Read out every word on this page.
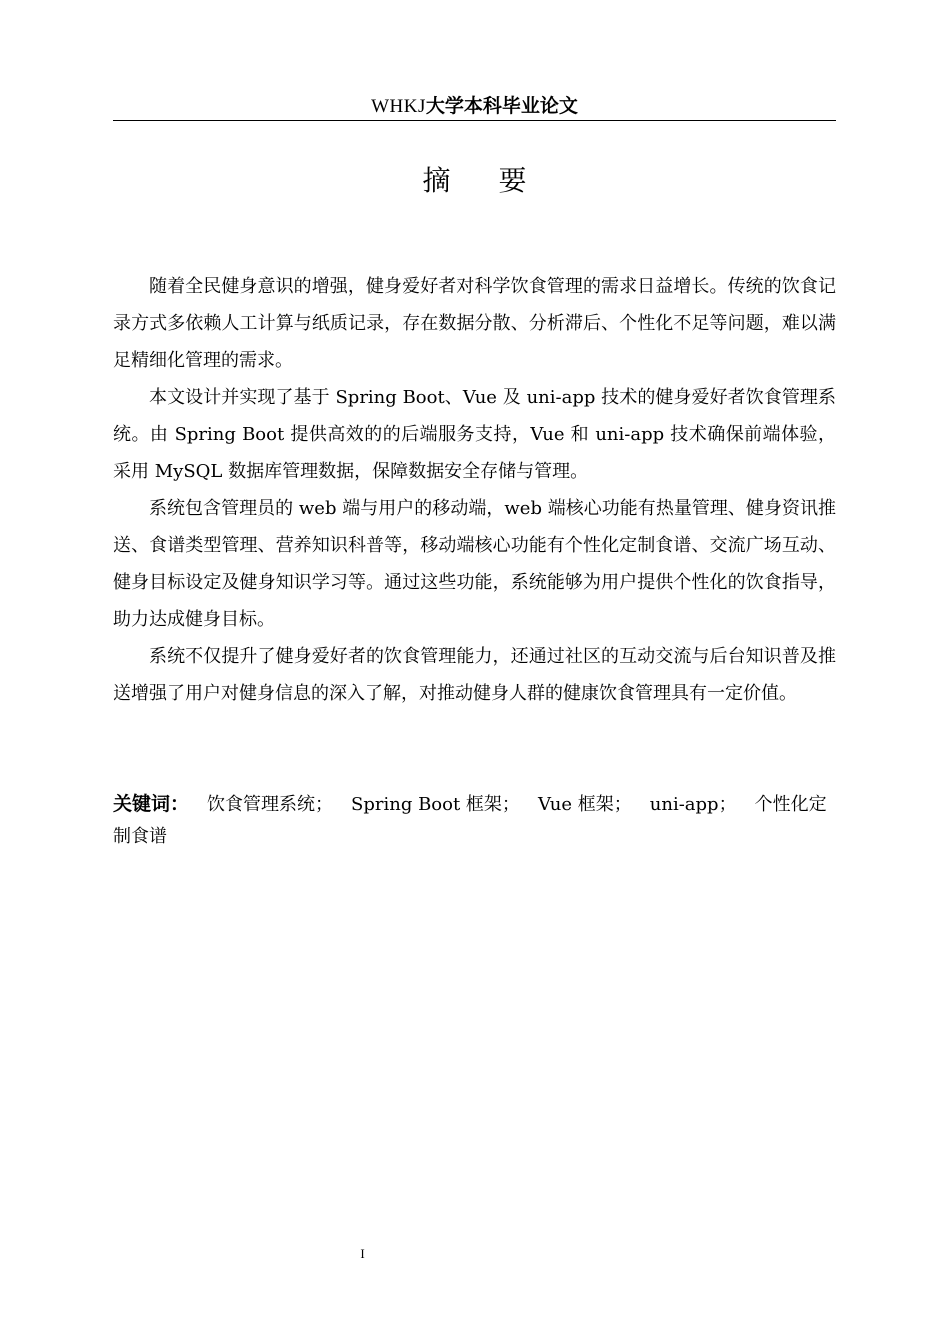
WHKJ大学本科毕业论文
摘要

随着全民健身意识的增强，健身爱好者对科学饮食管理的需求日益增长。传统的饮食记录方式多依赖人工计算与纸质记录，存在数据分散、分析滞后、个性化不足等问题，难以满足精细化管理的需求。

本文设计并实现了基于 Spring Boot、Vue 及 uni-app 技术的健身爱好者饮食管理系统。由 Spring Boot 提供高效的的后端服务支持，Vue 和 uni-app 技术确保前端体验，采用 MySQL 数据库管理数据，保障数据安全存储与管理。

系统包含管理员的 web 端与用户的移动端，web 端核心功能有热量管理、健身资讯推送、食谱类型管理、营养知识科普等，移动端核心功能有个性化定制食谱、交流广场互动、健身目标设定及健身知识学习等。通过这些功能，系统能够为用户提供个性化的饮食指导，助力达成健身目标。

系统不仅提升了健身爱好者的饮食管理能力，还通过社区的互动交流与后台知识普及推送增强了用户对健身信息的深入了解，对推动健身人群的健康饮食管理具有一定价值。

关键词： 饮食管理系统； Spring Boot 框架； Vue 框架； uni-app； 个性化定制食谱
I
